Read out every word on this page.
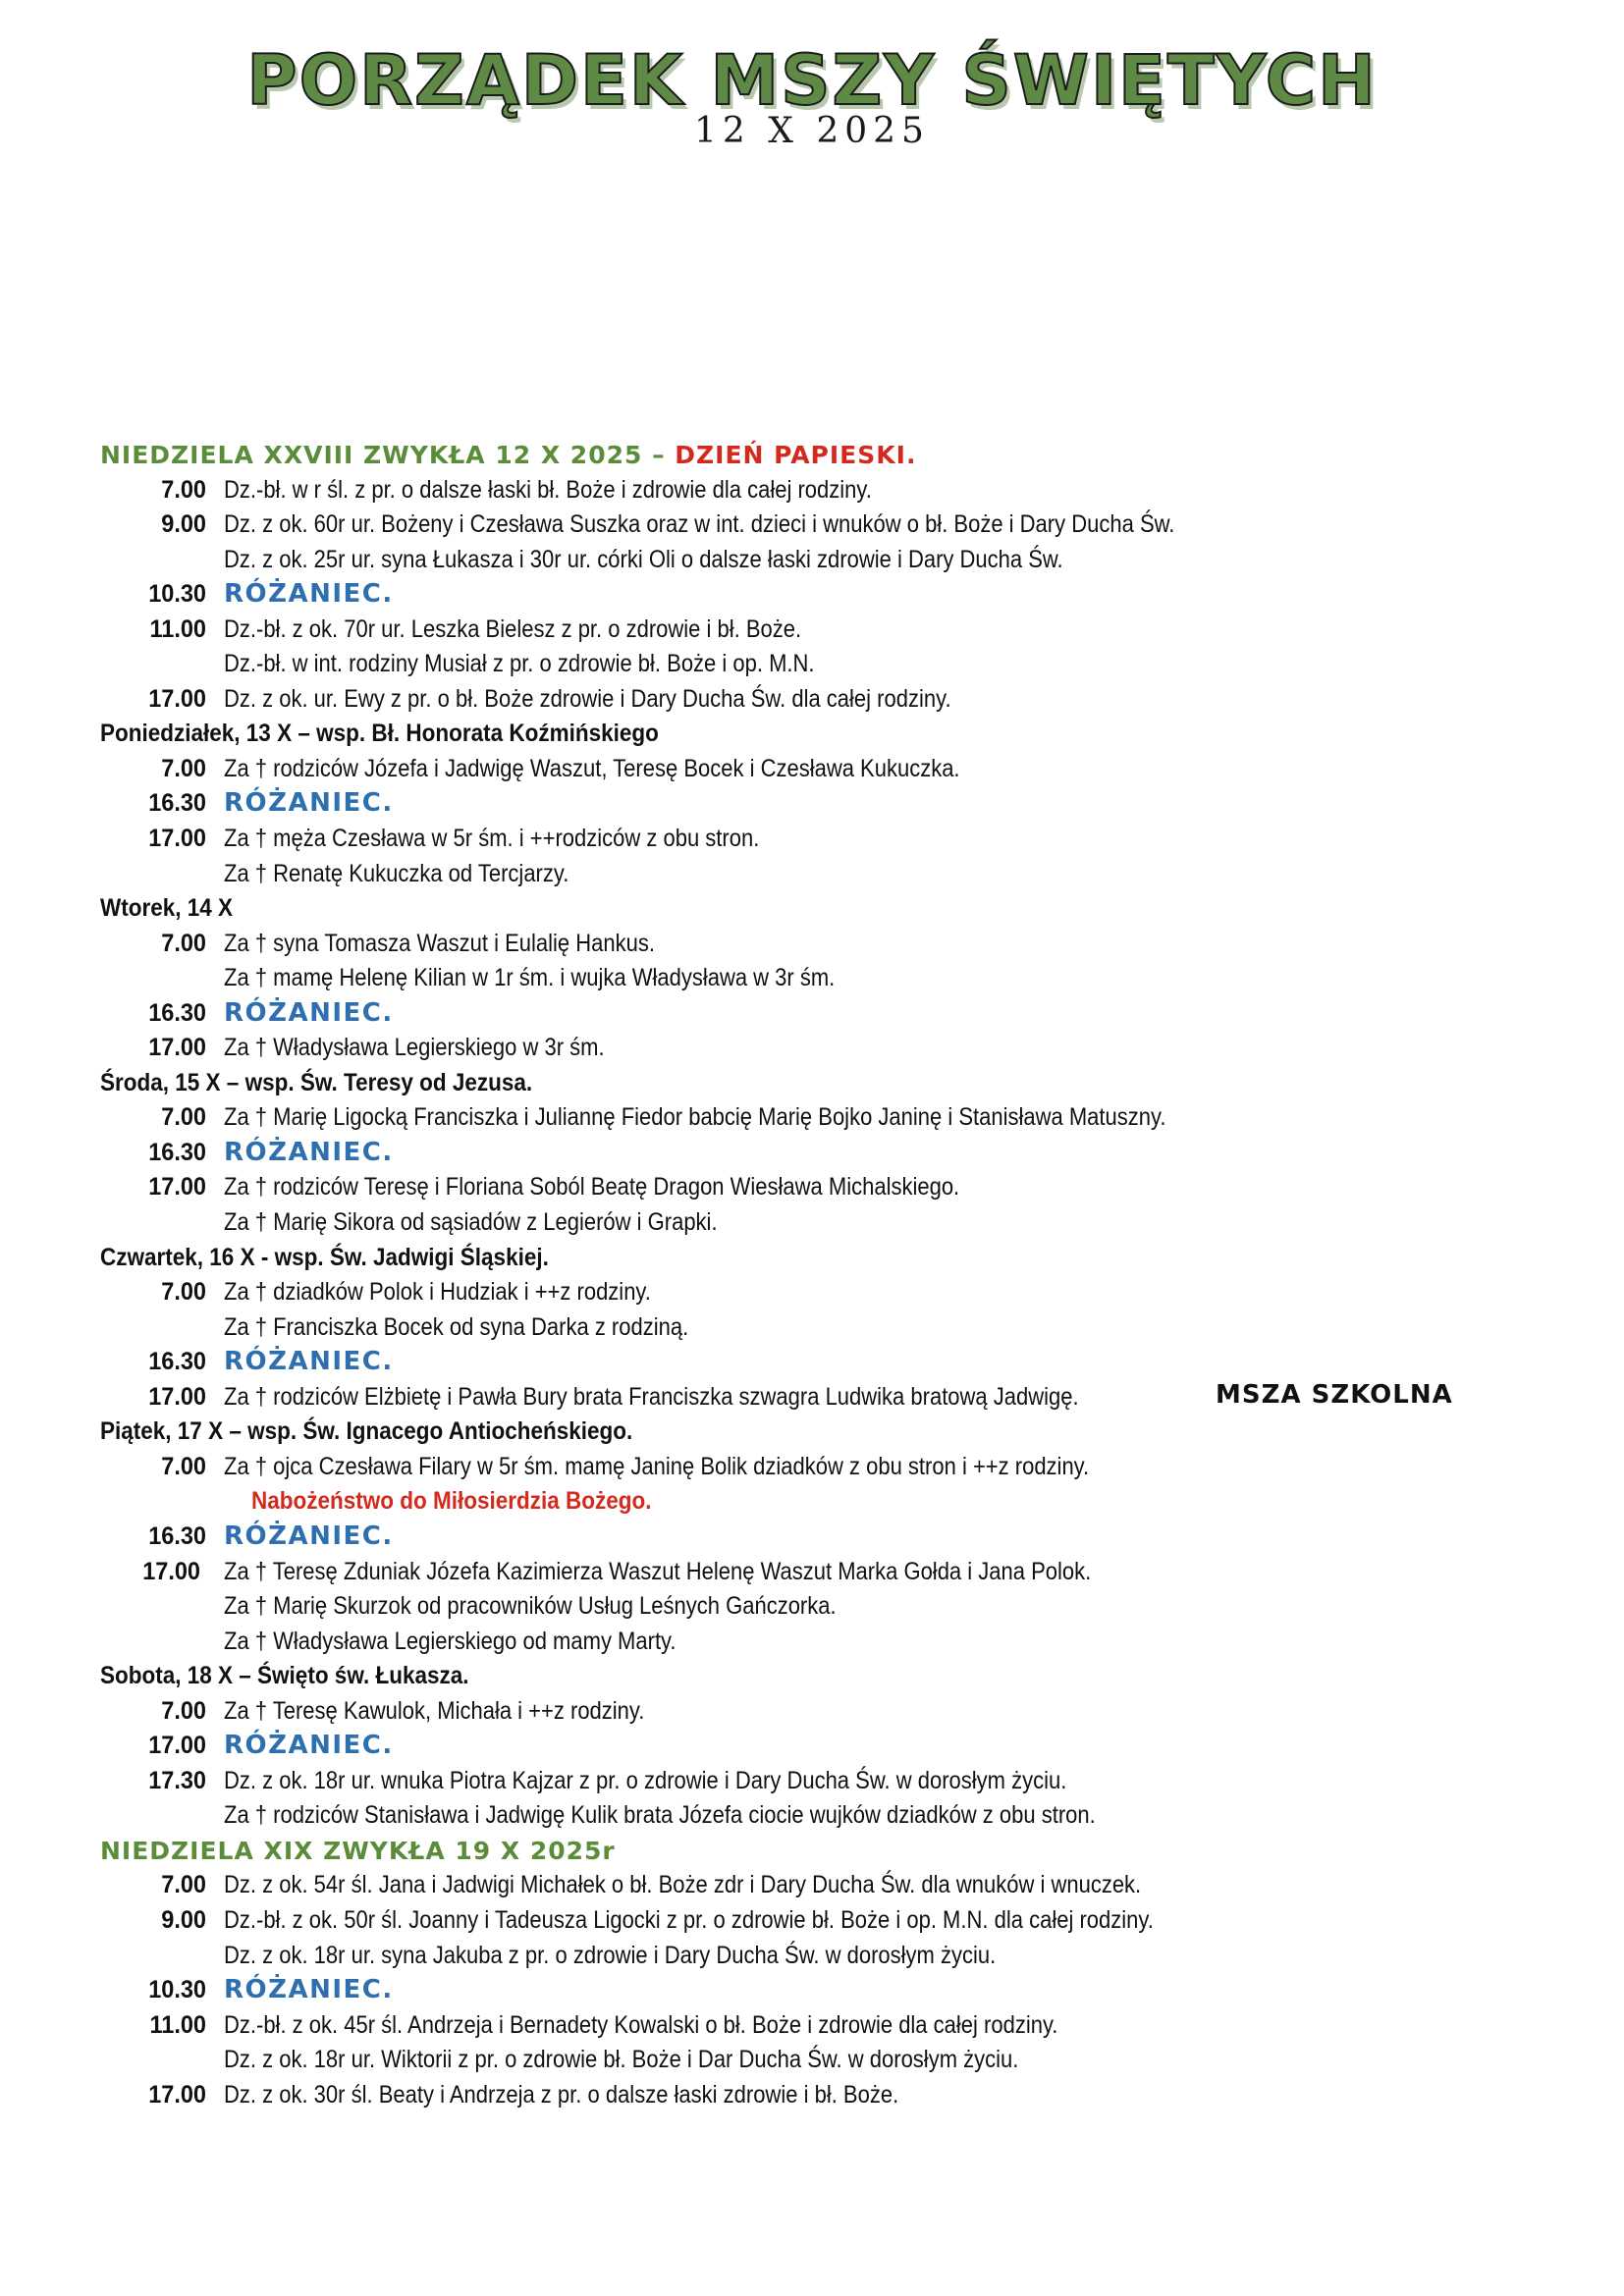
PORZĄDEK MSZY ŚWIĘTYCH
12 X 2025
NIEDZIELA XXVIII ZWYKŁA 12 X 2025 – DZIEŃ PAPIESKI.
7.00 Dz.-bł. w r śl. z pr. o dalsze łaski bł. Boże i zdrowie dla całej rodziny.
9.00 Dz. z ok. 60r ur. Bożeny i Czesława Suszka oraz w int. dzieci i wnuków o bł. Boże i Dary Ducha Św.
Dz. z ok. 25r ur. syna Łukasza i 30r ur. córki Oli o dalsze łaski zdrowie i Dary Ducha Św.
10.30 RÓŻANIEC.
11.00 Dz.-bł. z ok. 70r ur. Leszka Bielesz z pr. o zdrowie i bł. Boże.
Dz.-bł. w int. rodziny Musiał z pr. o zdrowie bł. Boże i op. M.N.
17.00 Dz. z ok. ur. Ewy z pr. o bł. Boże zdrowie i Dary Ducha Św. dla całej rodziny.
Poniedziałek, 13 X – wsp. Bł. Honorata Koźmińskiego
7.00 Za † rodziców Józefa i Jadwigę Waszut, Teresę Bocek i Czesława Kukuczka.
16.30 RÓŻANIEC.
17.00 Za † męża Czesława w 5r śm. i ++rodziców z obu stron.
Za † Renatę Kukuczka od Tercjarzy.
Wtorek, 14 X
7.00 Za † syna Tomasza Waszut i Eulalię Hankus.
Za † mamę Helenę Kilian w 1r śm. i wujka Władysława w 3r śm.
16.30 RÓŻANIEC.
17.00 Za † Władysława Legierskiego w 3r śm.
Środa, 15 X – wsp. Św. Teresy od Jezusa.
7.00 Za † Marię Ligocką Franciszka i Juliannę Fiedor babcię Marię Bojko Janinę i Stanisława Matuszny.
16.30 RÓŻANIEC.
17.00 Za † rodziców Teresę i Floriana Soból Beatę Dragon Wiesława Michalskiego.
Za † Marię Sikora od sąsiadów z Legierów i Grapki.
Czwartek, 16 X - wsp. Św. Jadwigi Śląskiej.
7.00 Za † dziadków Polok i Hudziak i ++z rodziny.
Za † Franciszka Bocek od syna Darka z rodziną.
16.30 RÓŻANIEC.
17.00 Za † rodziców Elżbietę i Pawła Bury brata Franciszka szwagra Ludwika bratową Jadwigę.	MSZA SZKOLNA
Piątek, 17 X – wsp. Św. Ignacego Antiocheńskiego.
7.00 Za † ojca Czesława Filary w 5r śm. mamę Janinę Bolik dziadków z obu stron i ++z rodziny.
Nabożeństwo do Miłosierdzia Bożego.
16.30 RÓŻANIEC.
17.00 Za † Teresę Zduniak Józefa Kazimierza Waszut Helenę Waszut Marka Gołda i Jana Polok.
Za † Marię Skurzok od pracowników Usług Leśnych Gańczorka.
Za † Władysława Legierskiego od mamy Marty.
Sobota, 18 X – Święto św. Łukasza.
7.00 Za † Teresę Kawulok, Michała i ++z rodziny.
17.00 RÓŻANIEC.
17.30 Dz. z ok. 18r ur. wnuka Piotra Kajzar z pr. o zdrowie i Dary Ducha Św. w dorosłym życiu.
Za † rodziców Stanisława i Jadwigę Kulik brata Józefa ciocie wujków dziadków z obu stron.
NIEDZIELA XIX ZWYKŁA 19 X 2025r
7.00 Dz. z ok. 54r śl. Jana i Jadwigi Michałek o bł. Boże zdr i Dary Ducha Św. dla wnuków i wnuczek.
9.00 Dz.-bł. z ok. 50r śl. Joanny i Tadeusza Ligocki z pr. o zdrowie bł. Boże i op. M.N. dla całej rodziny.
Dz. z ok. 18r ur. syna Jakuba z pr. o zdrowie i Dary Ducha Św. w dorosłym życiu.
10.30 RÓŻANIEC.
11.00 Dz.-bł. z ok. 45r śl. Andrzeja i Bernadety Kowalski o bł. Boże i zdrowie dla całej rodziny.
Dz. z ok. 18r ur. Wiktorii z pr. o zdrowie bł. Boże i Dar Ducha Św. w dorosłym życiu.
17.00 Dz. z ok. 30r śl. Beaty i Andrzeja z pr. o dalsze łaski zdrowie i bł. Boże.
